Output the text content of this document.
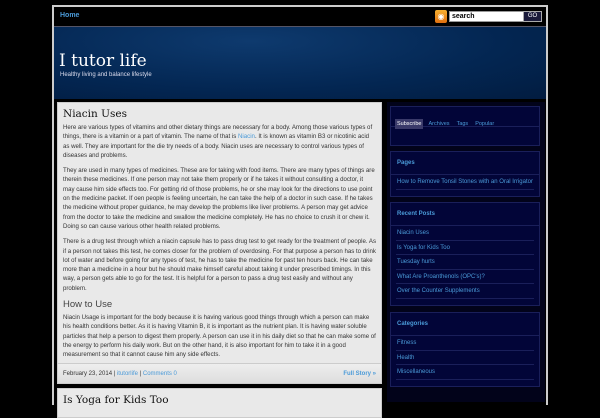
Home	◉	search	GO
I tutor life
Healthy living and balance lifestyle
Niacin Uses

Here are various types of vitamins and other dietary things are necessary for a body. Among those various types of things, there is a vitamin or a part of vitamin. The name of that is Niacin. It is known as vitamin B3 or nicotinic acid as well. They are important for the die try needs of a body. Niacin uses are necessary to control various types of diseases and problems.

They are used in many types of medicines. These are for taking with food items. There are many types of things are therein these medicines. If one person may not take them properly or if he takes it without consulting a doctor, it may cause him side effects too. For getting rid of those problems, he or she may look for the directions to use point on the medicine packet. If oen people is feeling uncertain, he can take the help of a doctor in such case. If he takes the medicine without proper guidance, he may develop the problems like liver problems. A person may get advice from the doctor to take the medicine and swallow the medicine completely. He has no choice to crush it or chew it. Doing so can cause various other health related problems.

There is a drug test through which a niacin capsule has to pass drug test to get ready for the treatment of people. As if a person not takes this test, he comes closer for the problem of overdosing. For that purpose a person has to drink lot of water and before going for any types of test, he has to take the medicine for past ten hours back. He can take more than a medicine in a hour but he should make himself careful about taking it under prescribed timings. In this way, a person gets able to go for the test. It is helpful for a person to pass a drug test easily and without any problem.

How to Use

Niacin Usage is important for the body because it is having various good things through which a person can make his health conditions better. As it is having Vitamin B, it is important as the nutrient plan. It is having water soluble particles that help a person to digest them properly. A person can use it in his daily diet so that he can make some of the energy to perform his daily work. But on the other hand, it is also important for him to take it in a good measurement so that it cannot cause him any side effects.

February 23, 2014 | itutorlife | Comments 0	Full Story »
Is Yoga for Kids Too
Subscribe Archives Tags Popular
Pages
How to Remove Tonsil Stones with an Oral Irrigator
Recent Posts
Niacin Uses
Is Yoga for Kids Too
Tuesday hurts
What Are Proanthenols (OPC's)?
Over the Counter Supplements
Categories
Fitness
Health
Miscellaneous
